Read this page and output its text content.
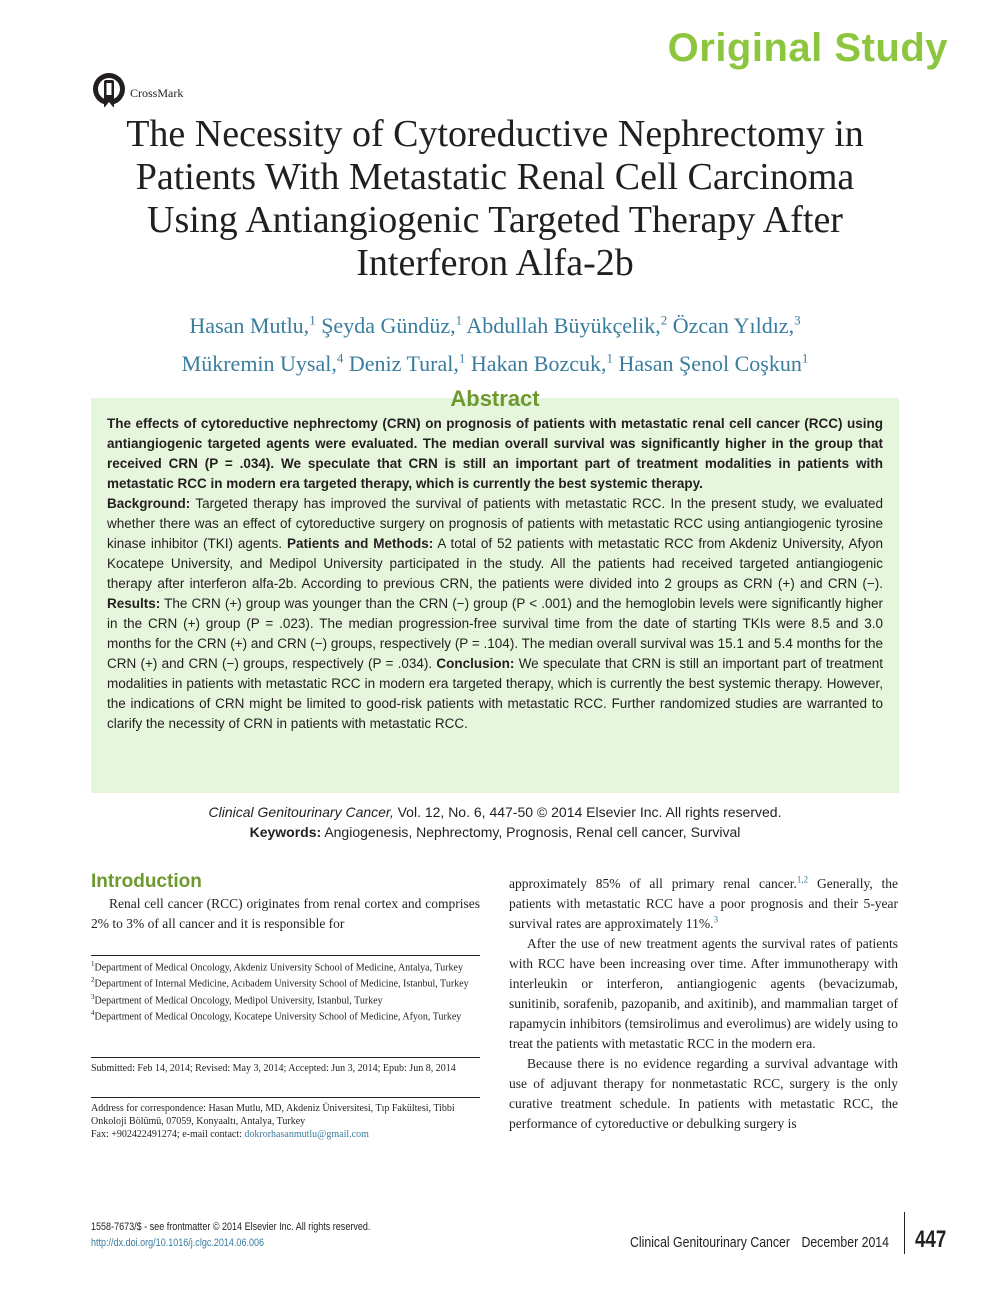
Original Study
CrossMark
The Necessity of Cytoreductive Nephrectomy in Patients With Metastatic Renal Cell Carcinoma Using Antiangiogenic Targeted Therapy After Interferon Alfa-2b
Hasan Mutlu,$^1$ Şeyda Gündüz,$^1$ Abdullah Büyükçelik,$^2$ Özcan Yıldız,$^3$
Mükremin Uysal,$^4$ Deniz Tural,$^1$ Hakan Bozcuk,$^1$ Hasan Şenol Coşkun$^1$

The effects of cytoreductive nephrectomy (CRN) on prognosis of patients with metastatic renal cell cancer (RCC) using antiangiogenic targeted agents were evaluated. The median overall survival was significantly higher in the group that received CRN (P = .034). We speculate that CRN is still an important part of treatment modalities in patients with metastatic RCC in modern era targeted therapy, which is currently the best systemic therapy.

Background: Targeted therapy has improved the survival of patients with metastatic RCC. In the present study, we evaluated whether there was an effect of cytoreductive surgery on prognosis of patients with metastatic RCC using antiangiogenic tyrosine kinase inhibitor (TKI) agents. Patients and Methods: A total of 52 patients with metastatic RCC from Akdeniz University, Afyon Kocatepe University, and Medipol University participated in the study. All the patients had received targeted antiangiogenic therapy after interferon alfa-2b. According to previous CRN, the patients were divided into 2 groups as CRN (+) and CRN (−). Results: The CRN (+) group was younger than the CRN (−) group (P < .001) and the hemoglobin levels were significantly higher in the CRN (+) group (P = .023). The median progression-free survival time from the date of starting TKIs were 8.5 and 3.0 months for the CRN (+) and CRN (−) groups, respectively (P = .104). The median overall survival was 15.1 and 5.4 months for the CRN (+) and CRN (−) groups, respectively (P = .034). Conclusion: We speculate that CRN is still an important part of treatment modalities in patients with metastatic RCC in modern era targeted therapy, which is currently the best systemic therapy. However, the indications of CRN might be limited to good-risk patients with metastatic RCC. Further randomized studies are warranted to clarify the necessity of CRN in patients with metastatic RCC.

Abstract
Clinical Genitourinary Cancer, Vol. 12, No. 6, 447-50 © 2014 Elsevier Inc. All rights reserved.
Keywords: Angiogenesis, Nephrectomy, Prognosis, Renal cell cancer, Survival
Introduction

Renal cell cancer (RCC) originates from renal cortex and comprises 2% to 3% of all cancer and it is responsible for

$^1$Department of Medical Oncology, Akdeniz University School of Medicine, Antalya, Turkey

$^2$Department of Internal Medicine, Acıbadem University School of Medicine, Istanbul, Turkey

$^3$Department of Medical Oncology, Medipol University, Istanbul, Turkey

$^4$Department of Medical Oncology, Kocatepe University School of Medicine, Afyon, Turkey

Submitted: Feb 14, 2014; Revised: May 3, 2014; Accepted: Jun 3, 2014; Epub: Jun 8, 2014

Address for correspondence: Hasan Mutlu, MD, Akdeniz Üniversitesi, Tıp Fakültesi, Tibbi Onkoloji Bölümü, 07059, Konyaaltı, Antalya, Turkey

Fax: +902422491274; e-mail contact: dokrorhasanmutlu@gmail.com

approximately 85% of all primary renal cancer.$^{1,2}$ Generally, the patients with metastatic RCC have a poor prognosis and their 5-year survival rates are approximately 11%.$^3$

After the use of new treatment agents the survival rates of patients with RCC have been increasing over time. After immunotherapy with interleukin or interferon, antiangiogenic agents (bevacizumab, sunitinib, sorafenib, pazopanib, and axitinib), and mammalian target of rapamycin inhibitors (temsirolimus and everolimus) are widely using to treat the patients with metastatic RCC in the modern era.

Because there is no evidence regarding a survival advantage with use of adjuvant therapy for nonmetastatic RCC, surgery is the only curative treatment schedule. In patients with metastatic RCC, the performance of cytoreductive or debulking surgery is

1558-7673/$ - see frontmatter © 2014 Elsevier Inc. All rights reserved.
http://dx.doi.org/10.1016/j.clgc.2014.06.006	Clinical Genitourinary Cancer December 2014 447
